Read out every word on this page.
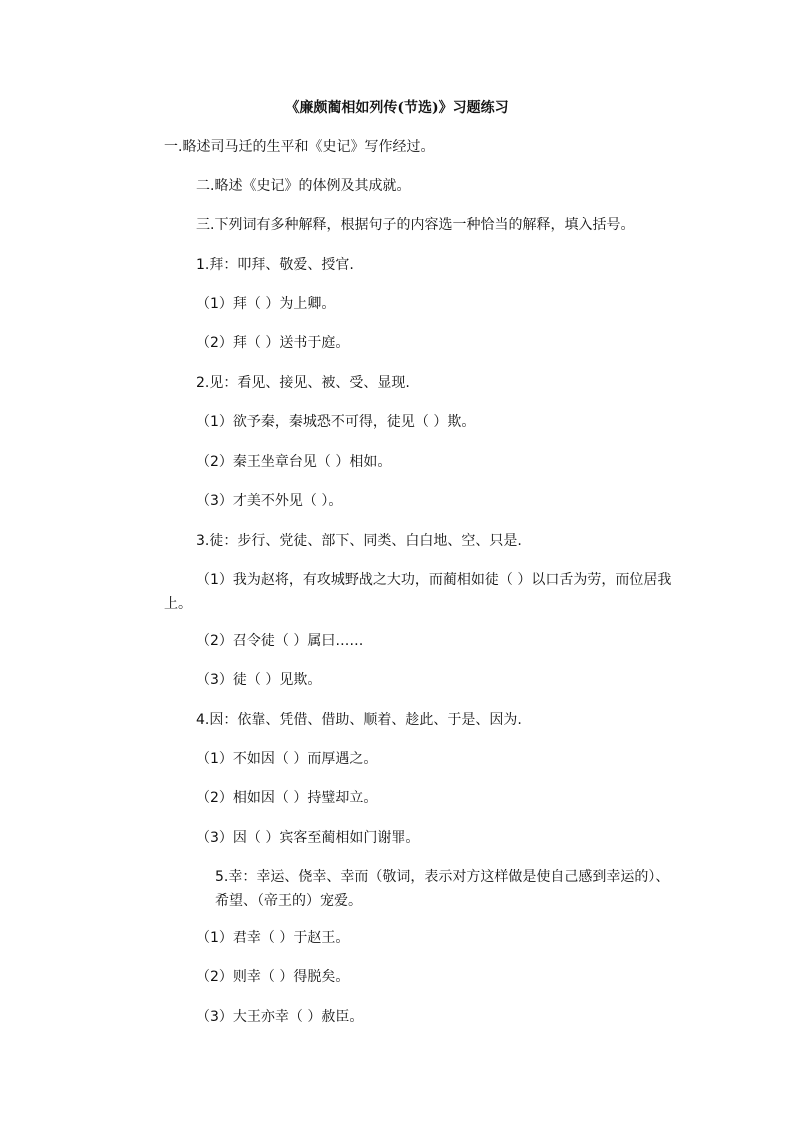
《廉颇蔺相如列传(节选)》习题练习
一.略述司马迁的生平和《史记》写作经过。
二.略述《史记》的体例及其成就。
三.下列词有多种解释，根据句子的内容选一种恰当的解释，填入括号。
1.拜：叩拜、敬爱、授官.
（1）拜（ ）为上卿。
（2）拜（ ）送书于庭。
2.见：看见、接见、被、受、显现.
（1）欲予秦，秦城恐不可得，徒见（ ）欺。
（2）秦王坐章台见（ ）相如。
（3）才美不外见（ ）。
3.徒：步行、党徒、部下、同类、白白地、空、只是.
（1）我为赵将，有攻城野战之大功，而蔺相如徒（ ）以口舌为劳，而位居我上。
（2）召令徒（ ）属曰……
（3）徒（ ）见欺。
4.因：依靠、凭借、借助、顺着、趁此、于是、因为.
（1）不如因（ ）而厚遇之。
（2）相如因（ ）持璧却立。
（3）因（ ）宾客至蔺相如门谢罪。
5.幸：幸运、侥幸、幸而（敬词，表示对方这样做是使自己感到幸运的）、希望、（帝王的）宠爱。
（1）君幸（ ）于赵王。
（2）则幸（ ）得脱矣。
（3）大王亦幸（ ）赦臣。
